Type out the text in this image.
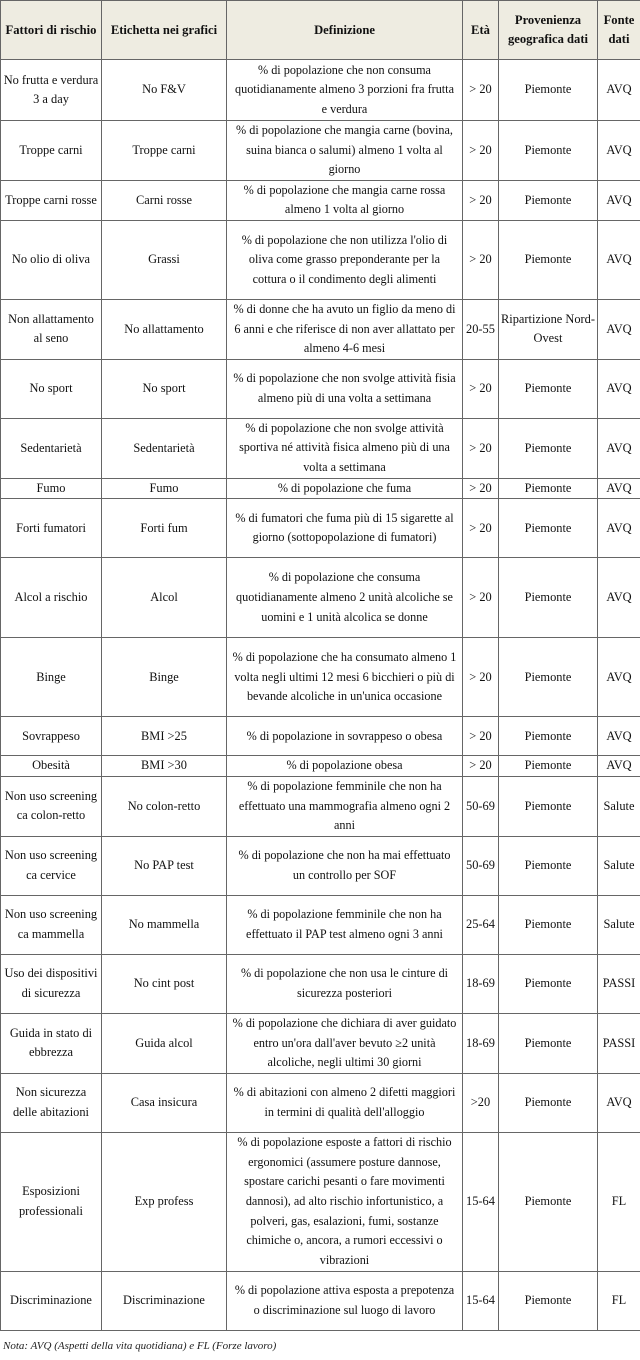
Fattori di rischio	Etichetta nei grafici	Definizione	Età	Provenienza geografica dati	Fonte dati
No frutta e verdura 3 a day	No F&V	% di popolazione che non consuma quotidianamente almeno 3 porzioni fra frutta e verdura	> 20	Piemonte	AVQ
Troppe carni	Troppe carni	% di popolazione che mangia carne (bovina, suina bianca o salumi) almeno 1 volta al giorno	> 20	Piemonte	AVQ
Troppe carni rosse	Carni rosse	% di popolazione che mangia carne rossa almeno 1 volta al giorno	> 20	Piemonte	AVQ
No olio di oliva	Grassi	% di popolazione che non utilizza l'olio di oliva come grasso preponderante per la cottura o il condimento degli alimenti	> 20	Piemonte	AVQ
Non allattamento al seno	No allattamento	% di donne che ha avuto un figlio da meno di 6 anni e che riferisce di non aver allattato per almeno 4-6 mesi	20-55	Ripartizione Nord-Ovest	AVQ
No sport	No sport	% di popolazione che non svolge attività fisia almeno più di una volta a settimana	> 20	Piemonte	AVQ
Sedentarietà	Sedentarietà	% di popolazione che non svolge attività sportiva né attività fisica almeno più di una volta a settimana	> 20	Piemonte	AVQ
Fumo	Fumo	% di popolazione che fuma	> 20	Piemonte	AVQ
Forti fumatori	Forti fum	% di fumatori che fuma più di 15 sigarette al giorno (sottopopolazione di fumatori)	> 20	Piemonte	AVQ
Alcol a rischio	Alcol	% di popolazione che consuma quotidianamente almeno 2 unità alcoliche se uomini e 1 unità alcolica se donne	> 20	Piemonte	AVQ
Binge	Binge	% di popolazione che ha consumato almeno 1 volta negli ultimi 12 mesi 6 bicchieri o più di bevande alcoliche in un'unica occasione	> 20	Piemonte	AVQ
Sovrappeso	BMI >25	% di popolazione in sovrappeso o obesa	> 20	Piemonte	AVQ
Obesità	BMI >30	% di popolazione obesa	> 20	Piemonte	AVQ
Non uso screening ca colon-retto	No colon-retto	% di popolazione femminile che non ha effettuato una mammografia almeno ogni 2 anni	50-69	Piemonte	Salute
Non uso screening ca cervice	No PAP test	% di popolazione che non ha mai effettuato un controllo per SOF	50-69	Piemonte	Salute
Non uso screening ca mammella	No mammella	% di popolazione femminile che non ha effettuato il PAP test almeno ogni 3 anni	25-64	Piemonte	Salute
Uso dei dispositivi di sicurezza	No cint post	% di popolazione che non usa le cinture di sicurezza posteriori	18-69	Piemonte	PASSI
Guida in stato di ebbrezza	Guida alcol	% di popolazione che dichiara di aver guidato entro un'ora dall'aver bevuto ≥2 unità alcoliche, negli ultimi 30 giorni	18-69	Piemonte	PASSI
Non sicurezza delle abitazioni	Casa insicura	% di abitazioni con almeno 2 difetti maggiori in termini di qualità dell'alloggio	>20	Piemonte	AVQ
Esposizioni professionali	Exp profess	% di popolazione esposte a fattori di rischio ergonomici (assumere posture dannose, spostare carichi pesanti o fare movimenti dannosi), ad alto rischio infortunistico, a polveri, gas, esalazioni, fumi, sostanze chimiche o, ancora, a rumori eccessivi o vibrazioni	15-64	Piemonte	FL
Discriminazione	Discriminazione	% di popolazione attiva esposta a prepotenza o discriminazione sul luogo di lavoro	15-64	Piemonte	FL
Nota: AVQ (Aspetti della vita quotidiana) e FL (Forze lavoro)
